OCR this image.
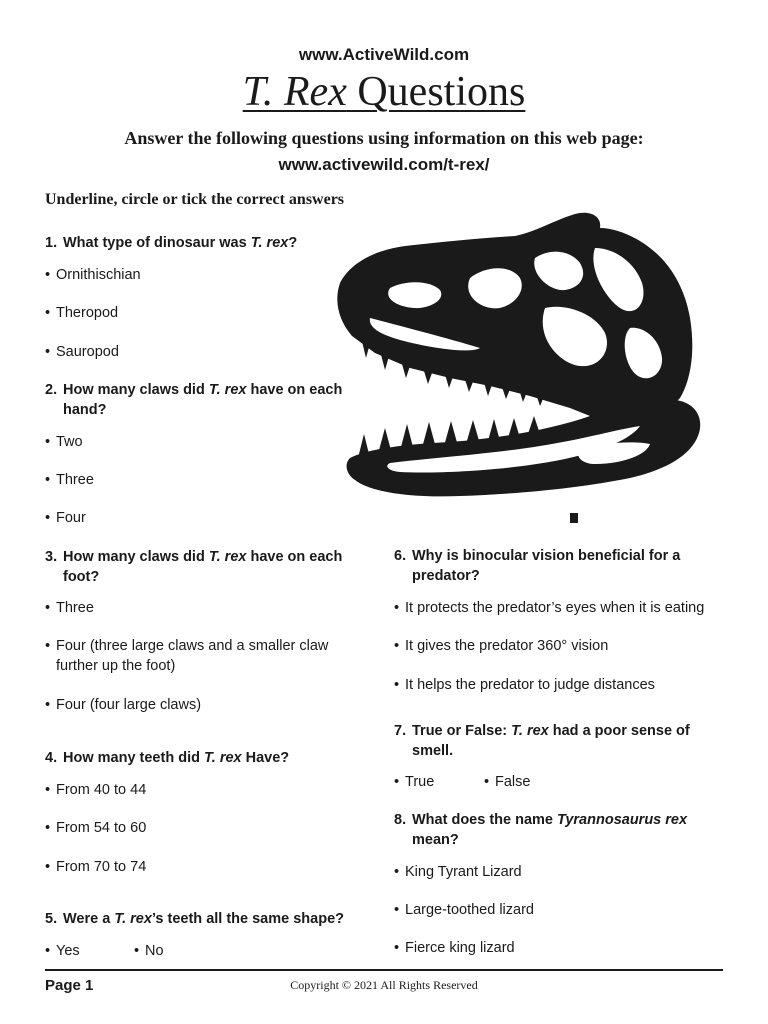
www.ActiveWild.com
T. Rex Questions
Answer the following questions using information on this web page:
www.activewild.com/t-rex/
Underline, circle or tick the correct answers
1. What type of dinosaur was T. rex?
• Ornithischian
• Theropod
• Sauropod
2. How many claws did T. rex have on each
hand?
• Two
• Three
• Four
3. How many claws did T. rex have on each
foot?
• Three
• Four (three large claws and a smaller claw
further up the foot)
• Four (four large claws)
4. How many teeth did T. rex Have?
• From 40 to 44
• From 54 to 60
• From 70 to 74
5. Were a T. rex’s teeth all the same shape?
• Yes	• No
6. Why is binocular vision beneficial for a
predator?
• It protects the predator’s eyes when it is eating
• It gives the predator 360° vision
• It helps the predator to judge distances
7. True or False: T. rex had a poor sense of
smell.
• True	• False
8. What does the name Tyrannosaurus rex
mean?
• King Tyrant Lizard
• Large-toothed lizard
• Fierce king lizard
Page 1	Copyright © 2021 All Rights Reserved
